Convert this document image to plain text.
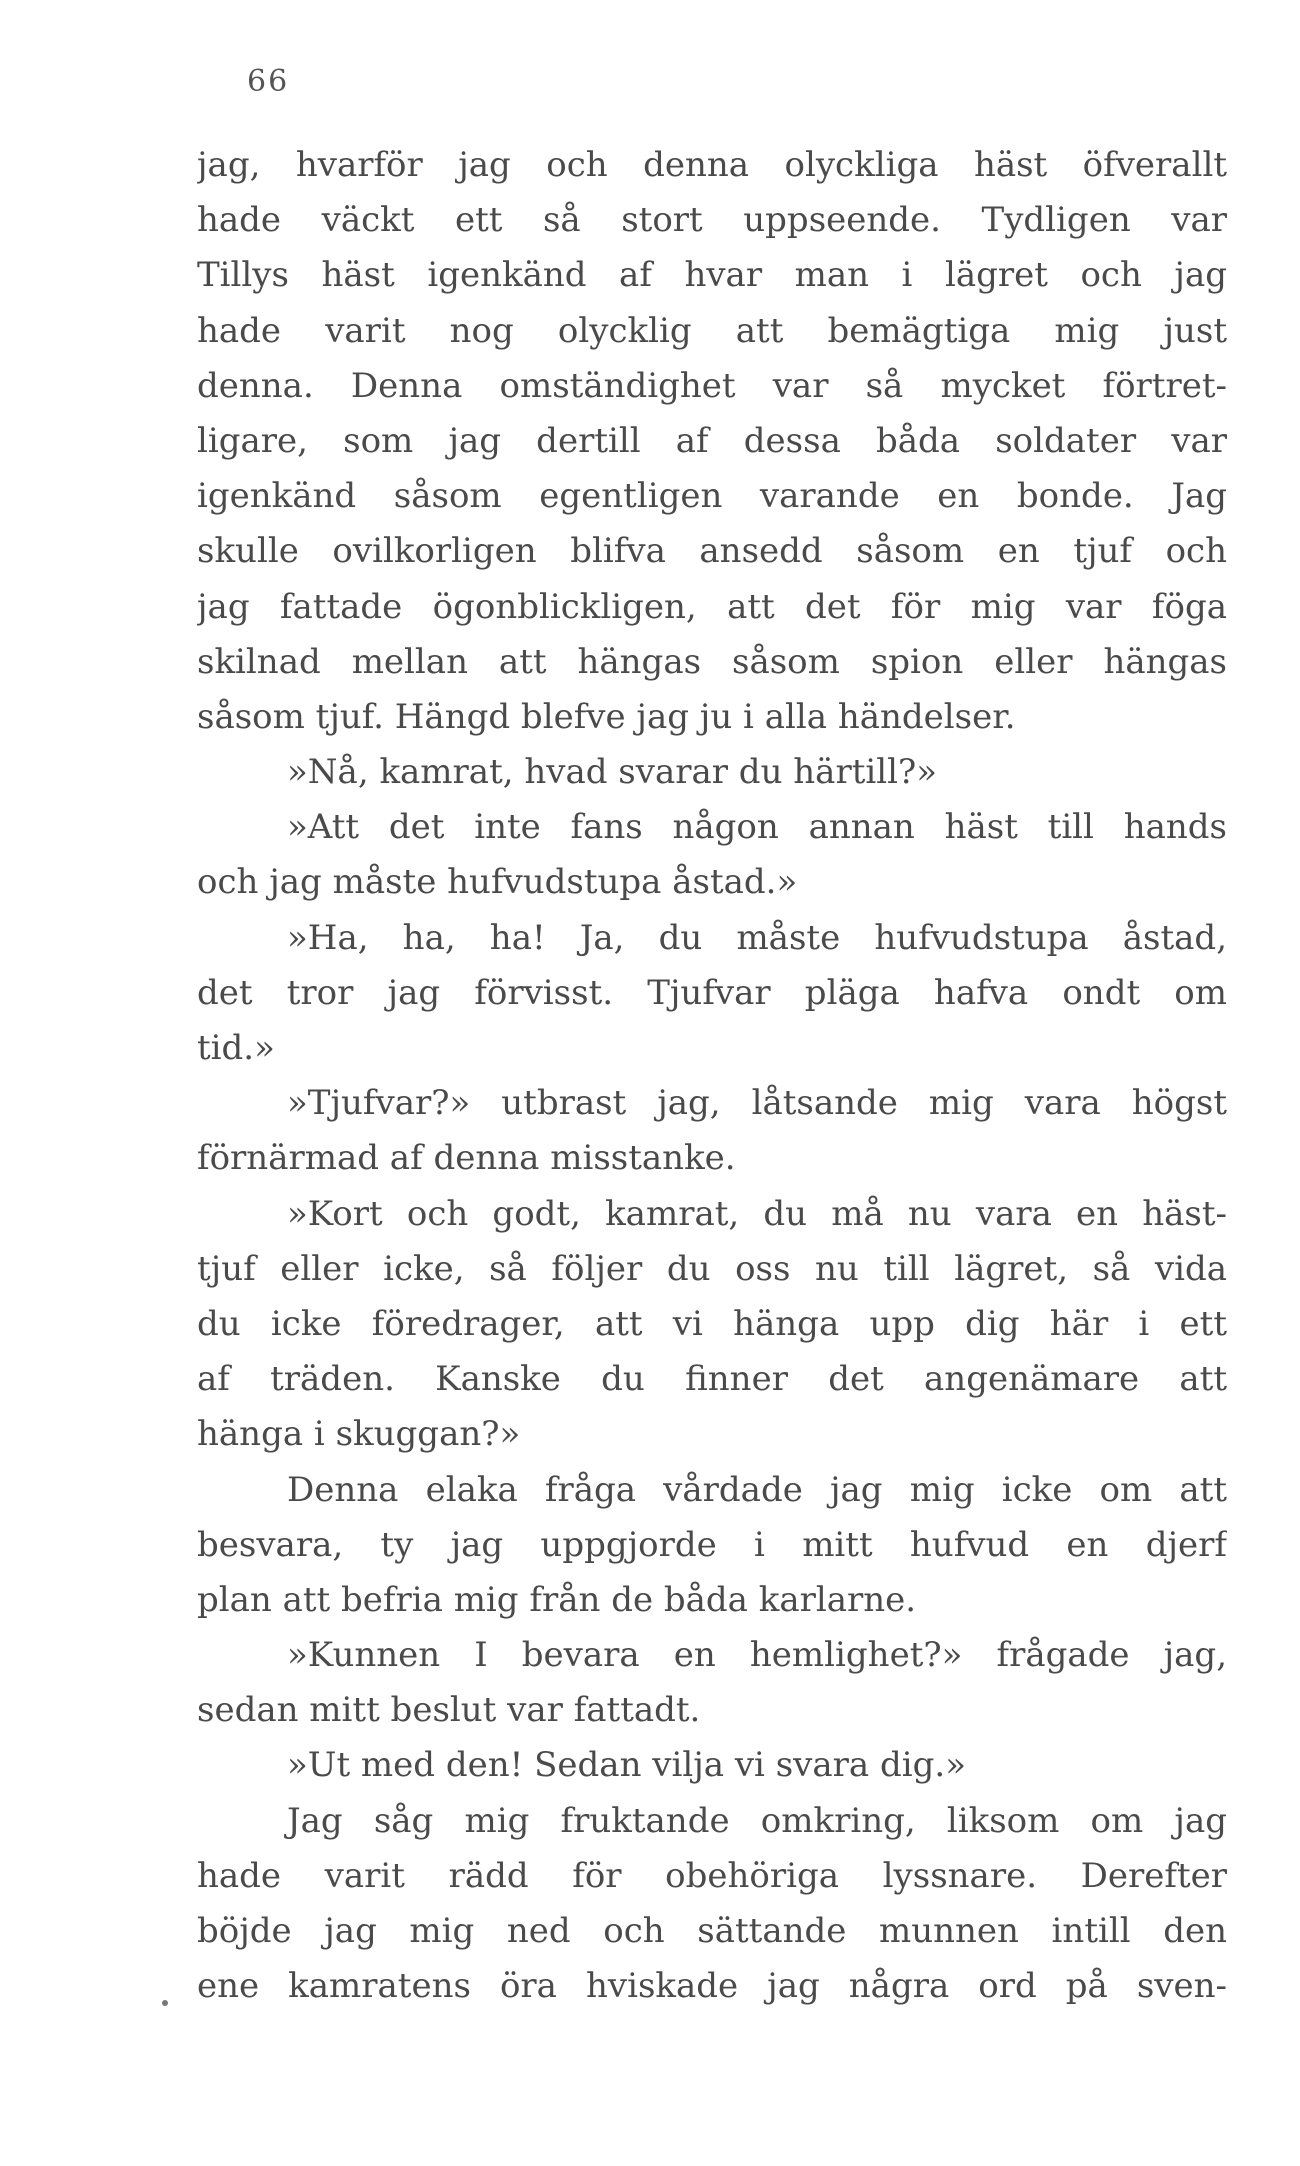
66
jag, hvarför jag och denna olyckliga häst öfverallt
hade väckt ett så stort uppseende. Tydligen var
Tillys häst igenkänd af hvar man i lägret och jag
hade varit nog olycklig att bemägtiga mig just
denna. Denna omständighet var så mycket förtret-
ligare, som jag dertill af dessa båda soldater var
igenkänd såsom egentligen varande en bonde. Jag
skulle ovilkorligen blifva ansedd såsom en tjuf och
jag fattade ögonblickligen, att det för mig var föga
skilnad mellan att hängas såsom spion eller hängas
såsom tjuf. Hängd blefve jag ju i alla händelser.
»Nå, kamrat, hvad svarar du härtill?»
»Att det inte fans någon annan häst till hands
och jag måste hufvudstupa åstad.»
»Ha, ha, ha! Ja, du måste hufvudstupa åstad,
det tror jag förvisst. Tjufvar pläga hafva ondt om
tid.»
»Tjufvar?» utbrast jag, låtsande mig vara högst
förnärmad af denna misstanke.
»Kort och godt, kamrat, du må nu vara en häst-
tjuf eller icke, så följer du oss nu till lägret, så vida
du icke föredrager, att vi hänga upp dig här i ett
af träden. Kanske du finner det angenämare att
hänga i skuggan?»
Denna elaka fråga vårdade jag mig icke om att
besvara, ty jag uppgjorde i mitt hufvud en djerf
plan att befria mig från de båda karlarne.
»Kunnen I bevara en hemlighet?» frågade jag,
sedan mitt beslut var fattadt.
»Ut med den! Sedan vilja vi svara dig.»
Jag såg mig fruktande omkring, liksom om jag
hade varit rädd för obehöriga lyssnare. Derefter
böjde jag mig ned och sättande munnen intill den
ene kamratens öra hviskade jag några ord på sven-
